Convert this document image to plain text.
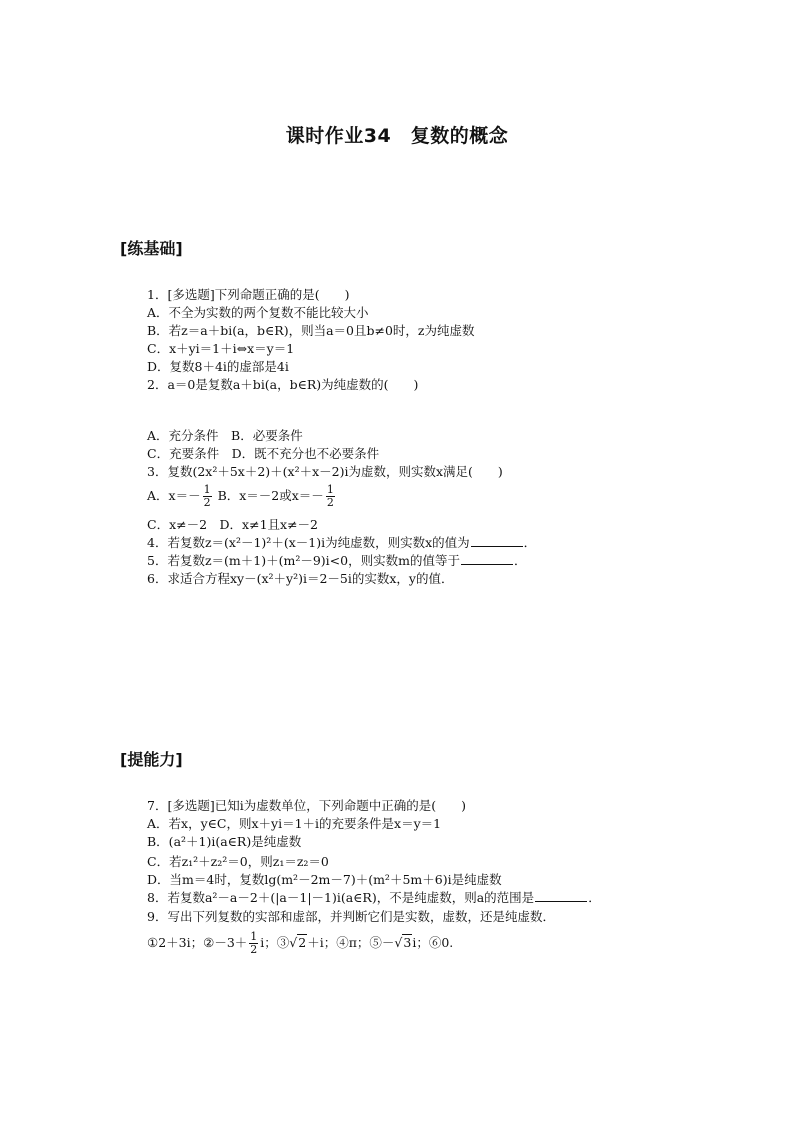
课时作业34　复数的概念
[练基础]
1．[多选题]下列命题正确的是(　　)
A．不全为实数的两个复数不能比较大小
B．若z＝a＋bi(a，b∈R)，则当a＝0且b≠0时，z为纯虚数
C．x＋yi＝1＋i⇔x＝y＝1
D．复数8＋4i的虚部是4i
2．a＝0是复数a＋bi(a，b∈R)为纯虚数的(　　)
A．充分条件　B．必要条件
C．充要条件　D．既不充分也不必要条件
3．复数(2x²＋5x＋2)＋(x²＋x－2)i为虚数，则实数x满足(　　)
A．$x=- \frac{1}{2}$ B．x＝－2或$x=- \frac{1}{2}$
C．x≠－2　D．x≠1且x≠－2
4．若复数z＝(x²－1)²＋(x－1)i为纯虚数，则实数x的值为	．
5．若复数z＝(m＋1)＋(m²－9)i<0，则实数m的值等于	．
6．求适合方程xy－(x²＋y²)i＝2－5i的实数x，y的值．
[提能力]
7．[多选题]已知i为虚数单位，下列命题中正确的是(　　)
A．若x，y∈C，则x＋yi＝1＋i的充要条件是x＝y＝1
B．(a²＋1)i(a∈R)是纯虚数
C．若z₁²＋z₂²＝0，则z₁＝z₂＝0
D．当m＝4时，复数lg(m²－2m－7)＋(m²＋5m＋6)i是纯虚数
8．若复数a²－a－2＋(|a－1|－1)i(a∈R)，不是纯虚数，则a的范围是	．
9．写出下列复数的实部和虚部，并判断它们是实数，虚数，还是纯虚数．
①2＋3i；②－3＋ $\frac{1}{2}$ i；③√2＋i；④π；⑤－√3i；⑥0.
